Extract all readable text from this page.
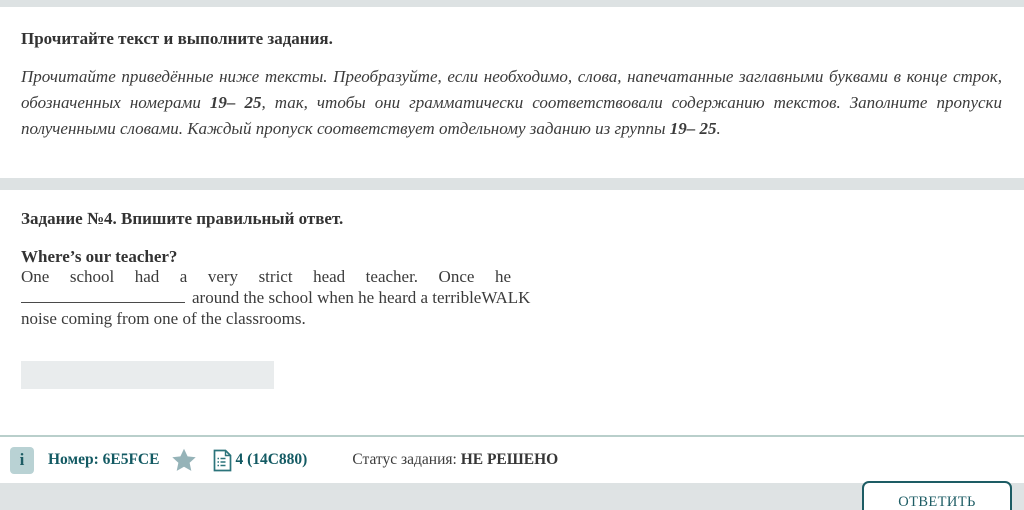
Прочитайте текст и выполните задания.
Прочитайте приведённые ниже тексты. Преобразуйте, если необходимо, слова, напечатанные заглавными буквами в конце строк, обозначенных номерами 19– 25, так, чтобы они грамматически соответствовали содержанию текстов. Заполните пропуски полученными словами. Каждый пропуск соответствует отдельному заданию из группы 19– 25.
Задание №4. Впишите правильный ответ.
Where’s our teacher?
One school had a very strict head teacher. Once he
around the school when he heard a terribleWALK
noise coming from one of the classrooms.
i	Номер: 6E5FCE	4 (14C880)	Статус задания: НЕ РЕШЕНО
ОТВЕТИТЬ
